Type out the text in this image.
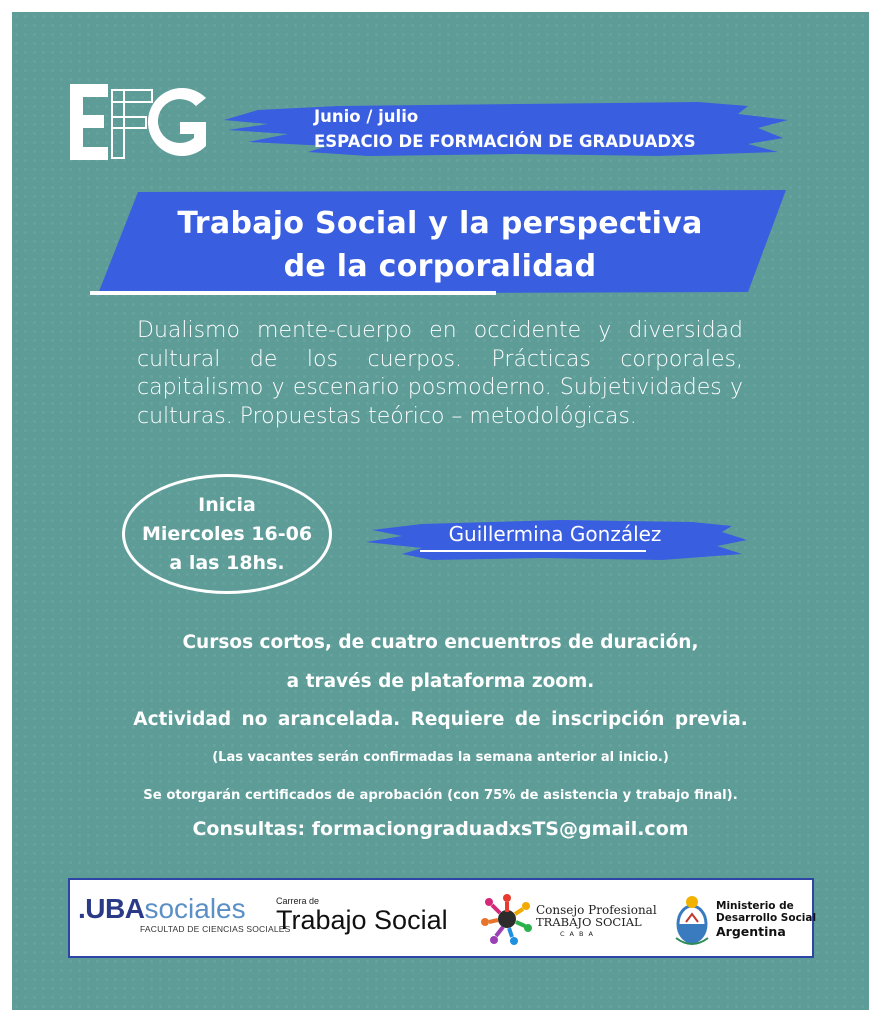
Junio / julio
ESPACIO DE FORMACIÓN DE GRADUADXS
Trabajo Social y la perspectiva
de la corporalidad
Dualismo mente-cuerpo en occidente y diversidad cultural de los cuerpos. Prácticas corporales, capitalismo y escenario posmoderno. Subjetividades y culturas. Propuestas teórico – metodológicas.
Inicia
Miercoles 16-06
a las 18hs.
Guillermina González
Cursos cortos, de cuatro encuentros de duración,
a través de plataforma zoom.
Actividad no arancelada. Requiere de inscripción previa.
(Las vacantes serán confirmadas la semana anterior al inicio.)
Se otorgarán certificados de aprobación (con 75% de asistencia y trabajo final).
Consultas: formaciongraduadxsTS@gmail.com
.UBAsociales
FACULTAD DE CIENCIAS SOCIALES
Carrera de
Trabajo Social	Consejo Profesional
TRABAJO SOCIAL
CABA
Ministerio de
Desarrollo Social
Argentina
